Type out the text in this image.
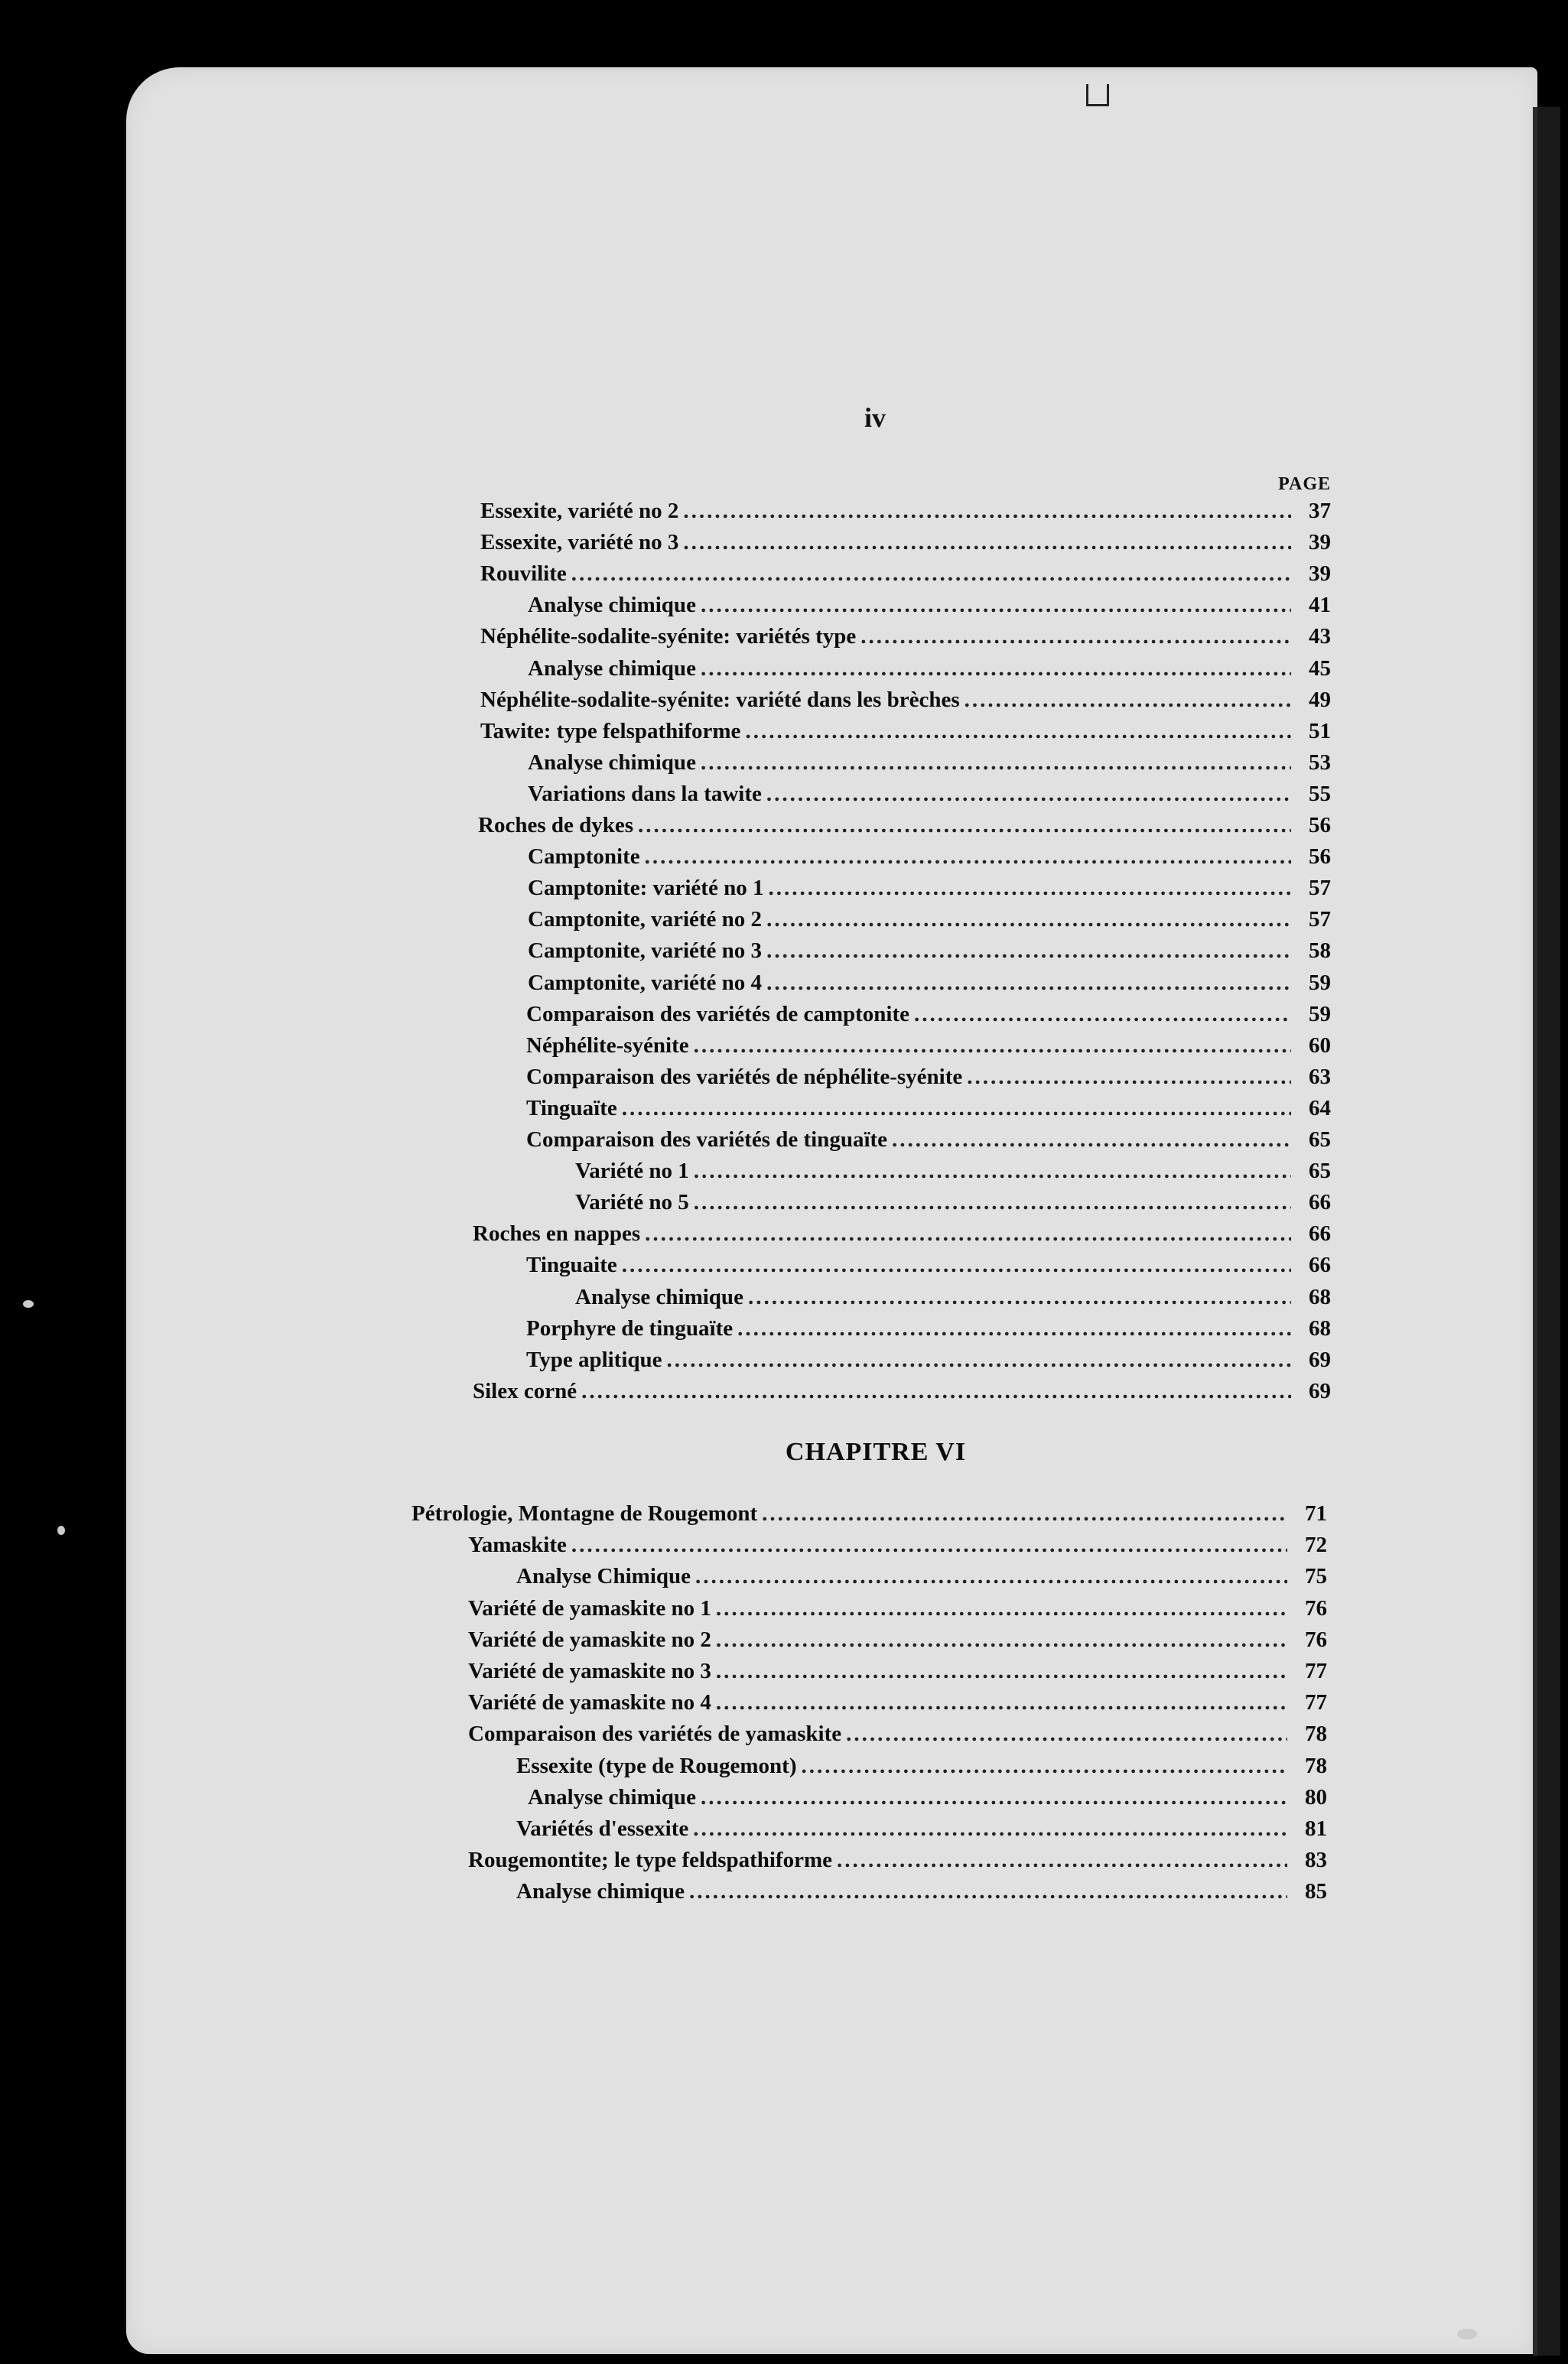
iv
PAGE
Essexite, variété no 2 .....	37
Essexite, variété no 3 .....	39
Rouvilite .....	39
Analyse chimique .....	41
Néphélite-sodalite-syénite: variétés type .....	43
Analyse chimique .....	45
Néphélite-sodalite-syénite: variété dans les brèches .....	49
Tawite: type felspathiforme .....	51
Analyse chimique .....	53
Variations dans la tawite .....	55
Roches de dykes .....	56
Camptonite .....	56
Camptonite: variété no 1 .....	57
Camptonite, variété no 2 .....	57
Camptonite, variété no 3 .....	58
Camptonite, variété no 4 .....	59
Comparaison des variétés de camptonite .....	59
Néphélite-syénite .....	60
Comparaison des variétés de néphélite-syénite .....	63
Tinguaïte .....	64
Comparaison des variétés de tinguaïte .....	65
Variété no 1 .....	65
Variété no 5 .....	66
Roches en nappes .....	66
Tinguaite .....	66
Analyse chimique .....	68
Porphyre de tinguaïte .....	68
Type aplitique .....	69
Silex corné .....	69
CHAPITRE VI
Pétrologie, Montagne de Rougemont .....	71
Yamaskite .....	72
Analyse Chimique .....	75
Variété de yamaskite no 1 .....	76
Variété de yamaskite no 2 .....	76
Variété de yamaskite no 3 .....	77
Variété de yamaskite no 4 .....	77
Comparaison des variétés de yamaskite .....	78
Essexite (type de Rougemont) .....	78
Analyse chimique .....	80
Variétés d'essexite .....	81
Rougemontite; le type feldspathiforme .....	83
Analyse chimique .....	85
